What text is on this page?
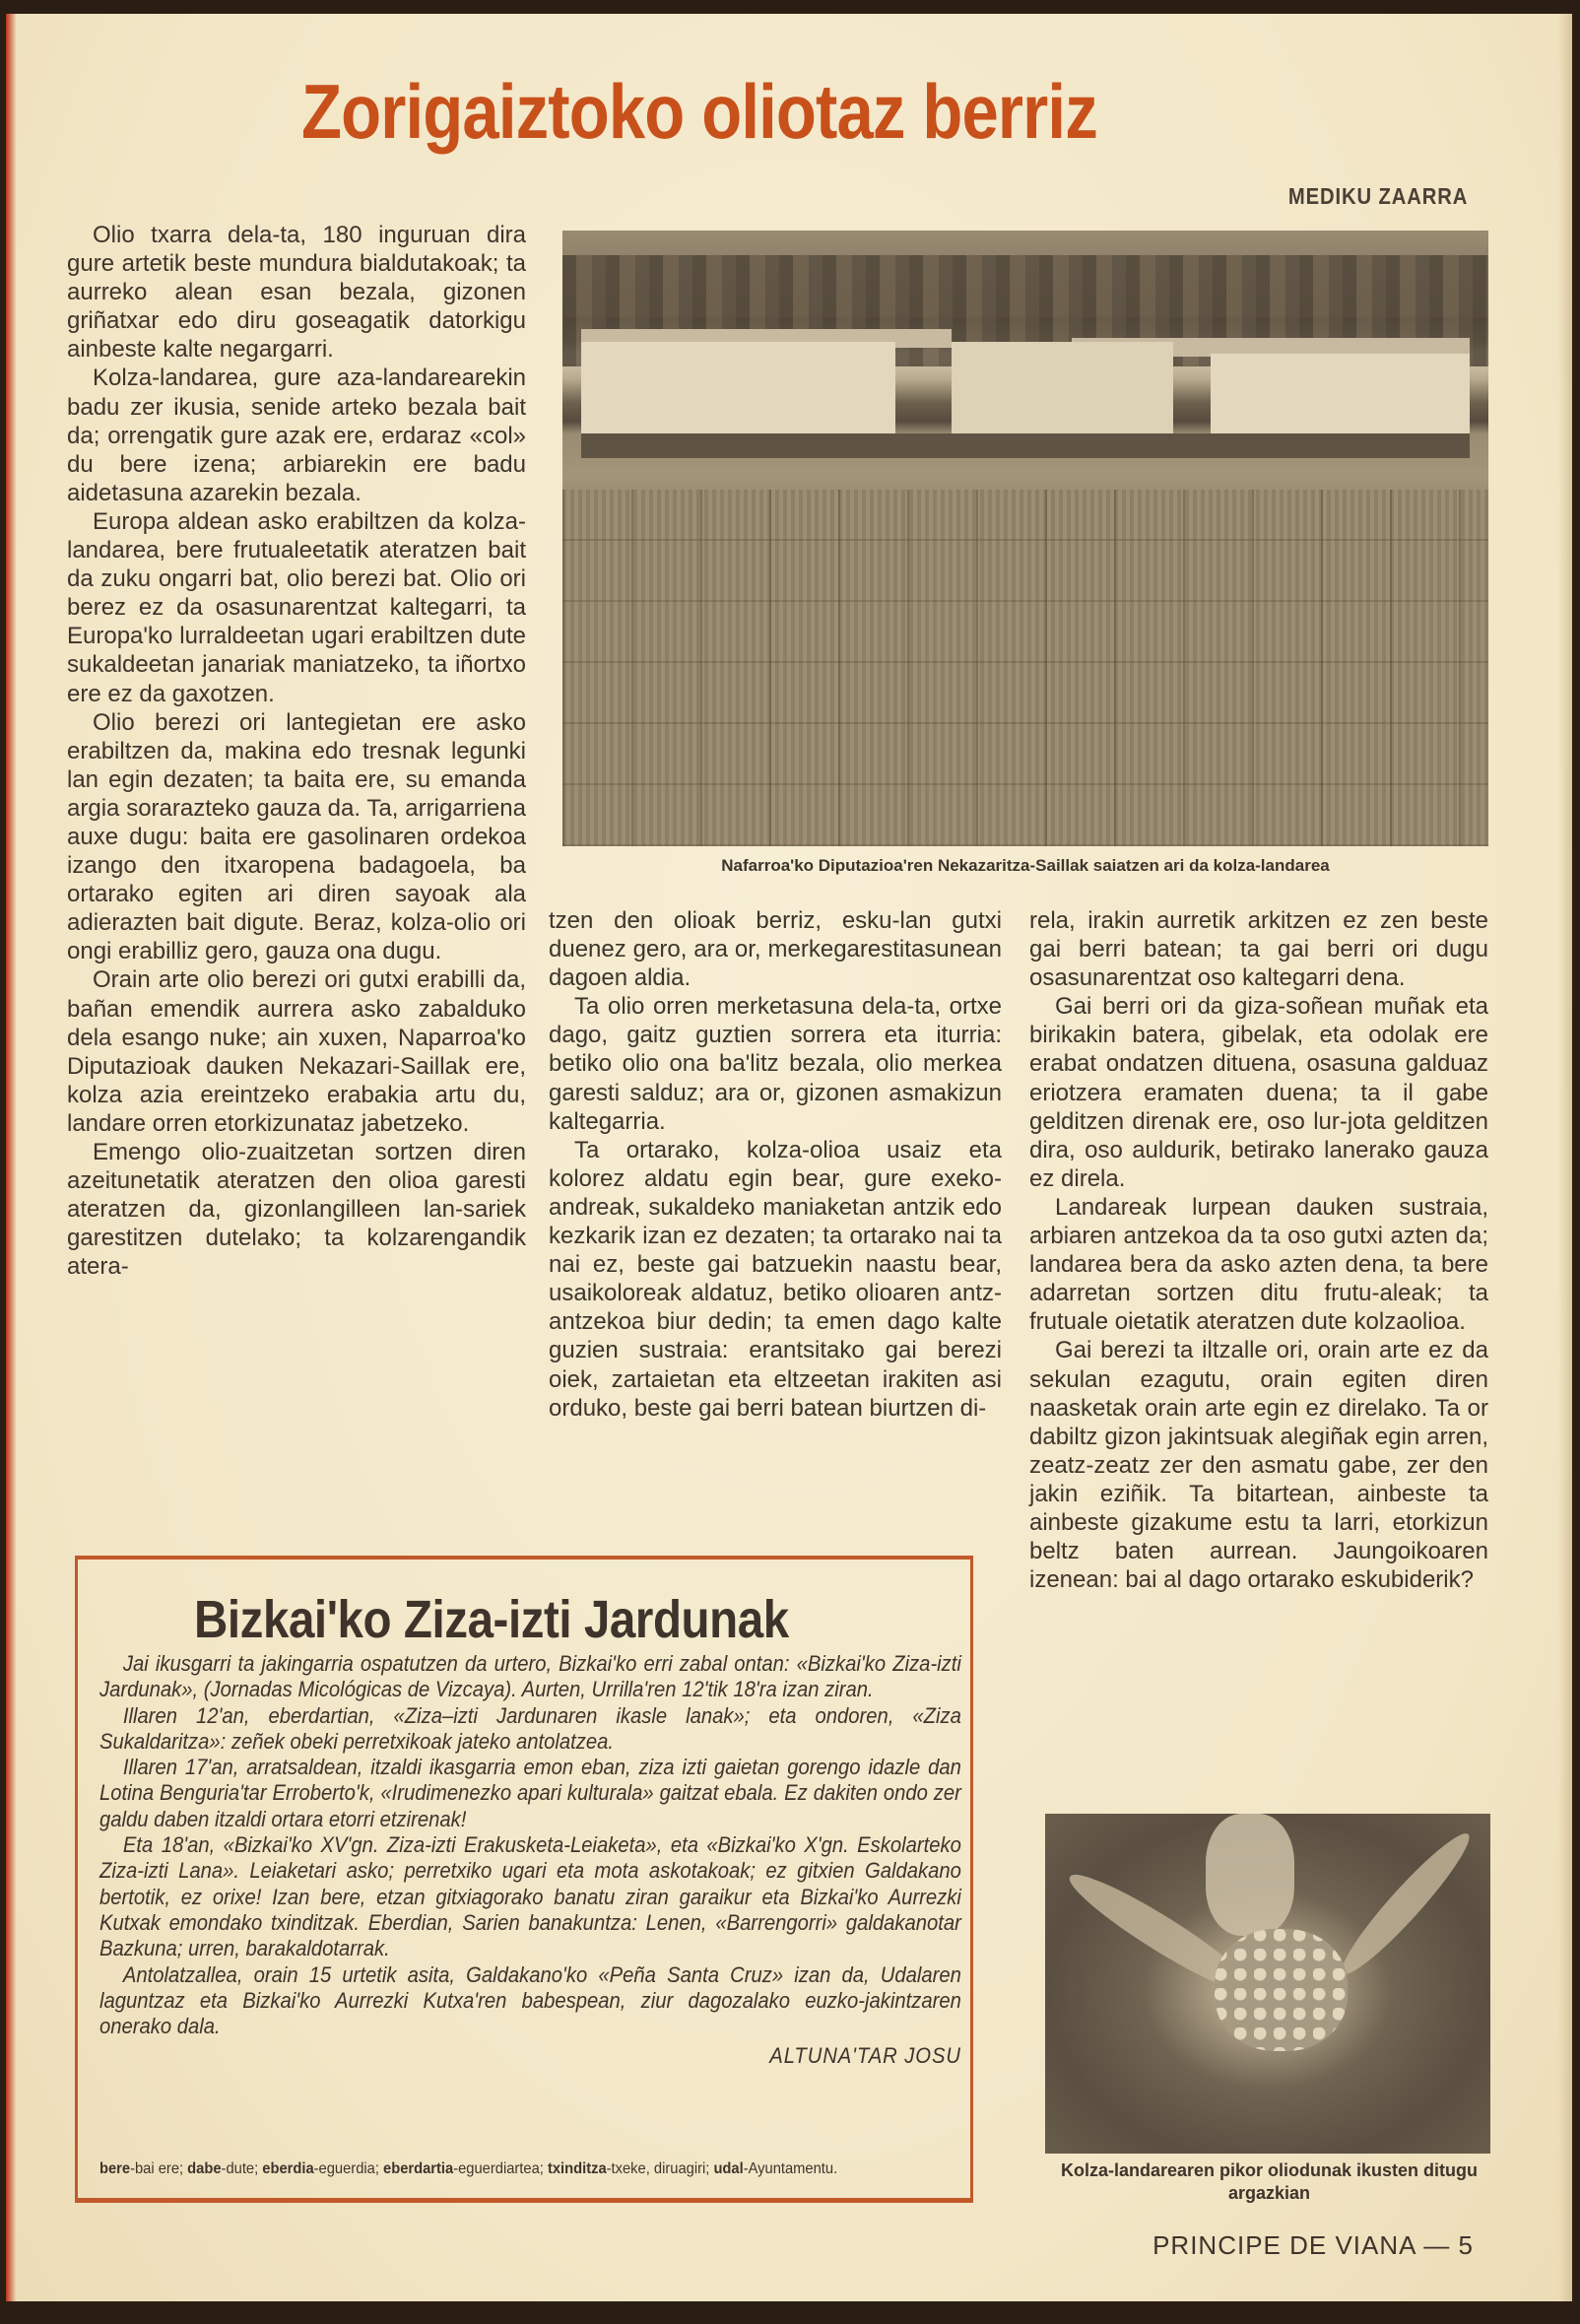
Zorigaiztoko oliotaz berriz
MEDIKU ZAARRA

Olio txarra dela-ta, 180 inguruan dira gure artetik beste mundura bialdutakoak; ta aurreko alean esan bezala, gizonen griñatxar edo diru goseagatik datorkigu ainbeste kalte negargarri.

Kolza-landarea, gure aza-landarearekin badu zer ikusia, senide arteko bezala bait da; orrengatik gure azak ere, erdaraz «col» du bere izena; arbiarekin ere badu aidetasuna azarekin bezala.

Europa aldean asko erabiltzen da kolza-landarea, bere frutualeetatik ateratzen bait da zuku ongarri bat, olio berezi bat. Olio ori berez ez da osasunarentzat kaltegarri, ta Europa'ko lurraldeetan ugari erabiltzen dute sukaldeetan janariak maniatzeko, ta iñortxo ere ez da gaxotzen.

Olio berezi ori lantegietan ere asko erabiltzen da, makina edo tresnak legunki lan egin dezaten; ta baita ere, su emanda argia sorarazteko gauza da. Ta, arrigarriena auxe dugu: baita ere gasolinaren ordekoa izango den itxaropena badagoela, ba ortarako egiten ari diren sayoak ala adierazten bait digute. Beraz, kolza-olio ori ongi erabilliz gero, gauza ona dugu.

Orain arte olio berezi ori gutxi erabilli da, bañan emendik aurrera asko zabalduko dela esango nuke; ain xuxen, Naparroa'ko Diputazioak dauken Nekazari-Saillak ere, kolza azia ereintzeko erabakia artu du, landare orren etorkizunataz jabetzeko.

Emengo olio-zuaitzetan sortzen diren azeitunetatik ateratzen den olioa garesti ateratzen da, gizonlangilleen lan-sariek garestitzen dutelako; ta kolzarengandik atera-

Nafarroa'ko Diputazioa'ren Nekazaritza-Saillak saiatzen ari da kolza-landarea

tzen den olioak berriz, esku-lan gutxi duenez gero, ara or, merkegarestitasunean dagoen aldia.

Ta olio orren merketasuna dela-ta, ortxe dago, gaitz guztien sorrera eta iturria: betiko olio ona ba'litz bezala, olio merkea garesti salduz; ara or, gizonen asmakizun kaltegarria.

Ta ortarako, kolza-olioa usaiz eta kolorez aldatu egin bear, gure exeko-andreak, sukaldeko maniaketan antzik edo kezkarik izan ez dezaten; ta ortarako nai ta nai ez, beste gai batzuekin naastu bear, usaikoloreak aldatuz, betiko olioaren antz-antzekoa biur dedin; ta emen dago kalte guzien sustraia: erantsitako gai berezi oiek, zartaietan eta eltzeetan irakiten asi orduko, beste gai berri batean biurtzen di-

rela, irakin aurretik arkitzen ez zen beste gai berri batean; ta gai berri ori dugu osasunarentzat oso kaltegarri dena.

Gai berri ori da giza-soñean muñak eta birikakin batera, gibelak, eta odolak ere erabat ondatzen dituena, osasuna galduaz eriotzera eramaten duena; ta il gabe gelditzen direnak ere, oso lur-jota gelditzen dira, oso auldurik, betirako lanerako gauza ez direla.

Landareak lurpean dauken sustraia, arbiaren antzekoa da ta oso gutxi azten da; landarea bera da asko azten dena, ta bere adarretan sortzen ditu frutu-aleak; ta frutuale oietatik ateratzen dute kolzaolioa.

Gai berezi ta iltzalle ori, orain arte ez da sekulan ezagutu, orain egiten diren naasketak orain arte egin ez direlako. Ta or dabiltz gizon jakintsuak alegiñak egin arren, zeatz-zeatz zer den asmatu gabe, zer den jakin eziñik. Ta bitartean, ainbeste ta ainbeste gizakume estu ta larri, etorkizun beltz baten aurrean. Jaungoikoaren izenean: bai al dago ortarako eskubiderik?

Bizkai'ko Ziza-izti Jardunak

Jai ikusgarri ta jakingarria ospatutzen da urtero, Bizkai'ko erri zabal ontan: «Bizkai'ko Ziza-izti Jardunak», (Jornadas Micológicas de Vizcaya). Aurten, Urrilla'ren 12'tik 18'ra izan ziran.

Illaren 12'an, eberdartian, «Ziza–izti Jardunaren ikasle lanak»; eta ondoren, «Ziza Sukaldaritza»: zeñek obeki perretxikoak jateko antolatzea.

Illaren 17'an, arratsaldean, itzaldi ikasgarria emon eban, ziza izti gaietan gorengo idazle dan Lotina Benguria'tar Erroberto'k, «Irudimenezko apari kulturala» gaitzat ebala. Ez dakiten ondo zer galdu daben itzaldi ortara etorri etzirenak!

Eta 18'an, «Bizkai'ko XV'gn. Ziza-izti Erakusketa-Leiaketa», eta «Bizkai'ko X'gn. Eskolarteko Ziza-izti Lana». Leiaketari asko; perretxiko ugari eta mota askotakoak; ez gitxien Galdakano bertotik, ez orixe! Izan bere, etzan gitxiagorako banatu ziran garaikur eta Bizkai'ko Aurrezki Kutxak emondako txinditzak. Eberdian, Sarien banakuntza: Lenen, «Barrengorri» galdakanotar Bazkuna; urren, barakaldotarrak.

Antolatzallea, orain 15 urtetik asita, Galdakano'ko «Peña Santa Cruz» izan da, Udalaren laguntzaz eta Bizkai'ko Aurrezki Kutxa'ren babespean, ziur dagozalako euzko-jakintzaren onerako dala.

ALTUNA'TAR JOSU
bere-bai ere; dabe-dute; eberdia-eguerdia; eberdartia-eguerdiartea; txinditza-txeke, diruagiri; udal-Ayuntamentu.	Kolza-landarearen pikor oliodunak ikusten ditugu argazkian
PRINCIPE DE VIANA — 5
